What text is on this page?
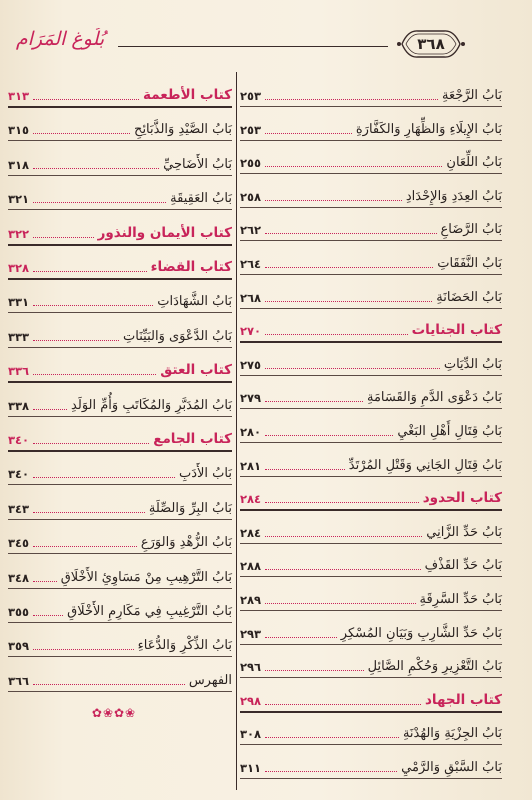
بُلُوغ المَرَام	٣٦٨
بَابُ الرَّجْعَةِ
٢٥٣
بَابُ الإِيلَاءِ وَالظِّهَارِ وَالكَفَّارَةِ
٢٥٣
بَابُ اللِّعَانِ
٢٥٥
بَابُ العِدَدِ وَالإِحْدَادِ
٢٥٨
بَابُ الرَّضَاعِ
٢٦٢
بَابُ النَّفَقَاتِ
٢٦٤
بَابُ الحَضَانَةِ
٢٦٨
كتاب الجنايات
٢٧٠
بَابُ الدِّيَاتِ
٢٧٥
بَابُ دَعْوَى الدَّمِ وَالقَسَامَةِ
٢٧٩
بَابُ قِتَالِ أَهْلِ البَغْيِ
٢٨٠
بَابُ قِتَالِ الجَانِي وَقَتْلِ المُرْتَدِّ
٢٨١
كتاب الحدود
٢٨٤
بَابُ حَدِّ الزَّانِي
٢٨٤
بَابُ حَدِّ القَذْفِ
٢٨٨
بَابُ حَدِّ السَّرِقَةِ
٢٨٩
بَابُ حَدِّ الشَّارِبِ وَبَيَانِ المُسْكِرِ
٢٩٣
بَابُ التَّعْزِيرِ وَحُكْمِ الصَّائِلِ
٢٩٦
كتاب الجهاد
٢٩٨
بَابُ الجِزْيَةِ وَالهُدْنَةِ
٣٠٨
بَابُ السَّبْقِ وَالرَّمْيِ
٣١١
كتاب الأطعمة
٣١٣
بَابُ الصَّيْدِ وَالذَّبَائِحِ
٣١٥
بَابُ الأَضَاحِيِّ
٣١٨
بَابُ العَقِيقَةِ
٣٢١
كتاب الأيمان والنذور
٣٢٢
كتاب القضاء
٣٢٨
بَابُ الشَّهَادَاتِ
٣٣١
بَابُ الدَّعْوَى وَالبَيِّنَاتِ
٣٣٣
كتاب العتق
٣٣٦
بَابُ المُدَبَّرِ وَالمُكَاتَبِ وَأُمِّ الوَلَدِ
٣٣٨
كتاب الجامع
٣٤٠
بَابُ الأَدَبِ
٣٤٠
بَابُ البِرِّ وَالصِّلَةِ
٣٤٣
بَابُ الزُّهْدِ وَالوَرَعِ
٣٤٥
بَابُ التَّرْهِيبِ مِنْ مَسَاوِئِ الأَخْلَاقِ
٣٤٨
بَابُ التَّرْغِيبِ فِي مَكَارِمِ الأَخْلَاقِ
٣٥٥
بَابُ الذِّكْرِ وَالدُّعَاءِ
٣٥٩
الفهرس
٣٦٦
✿❀✿❀
